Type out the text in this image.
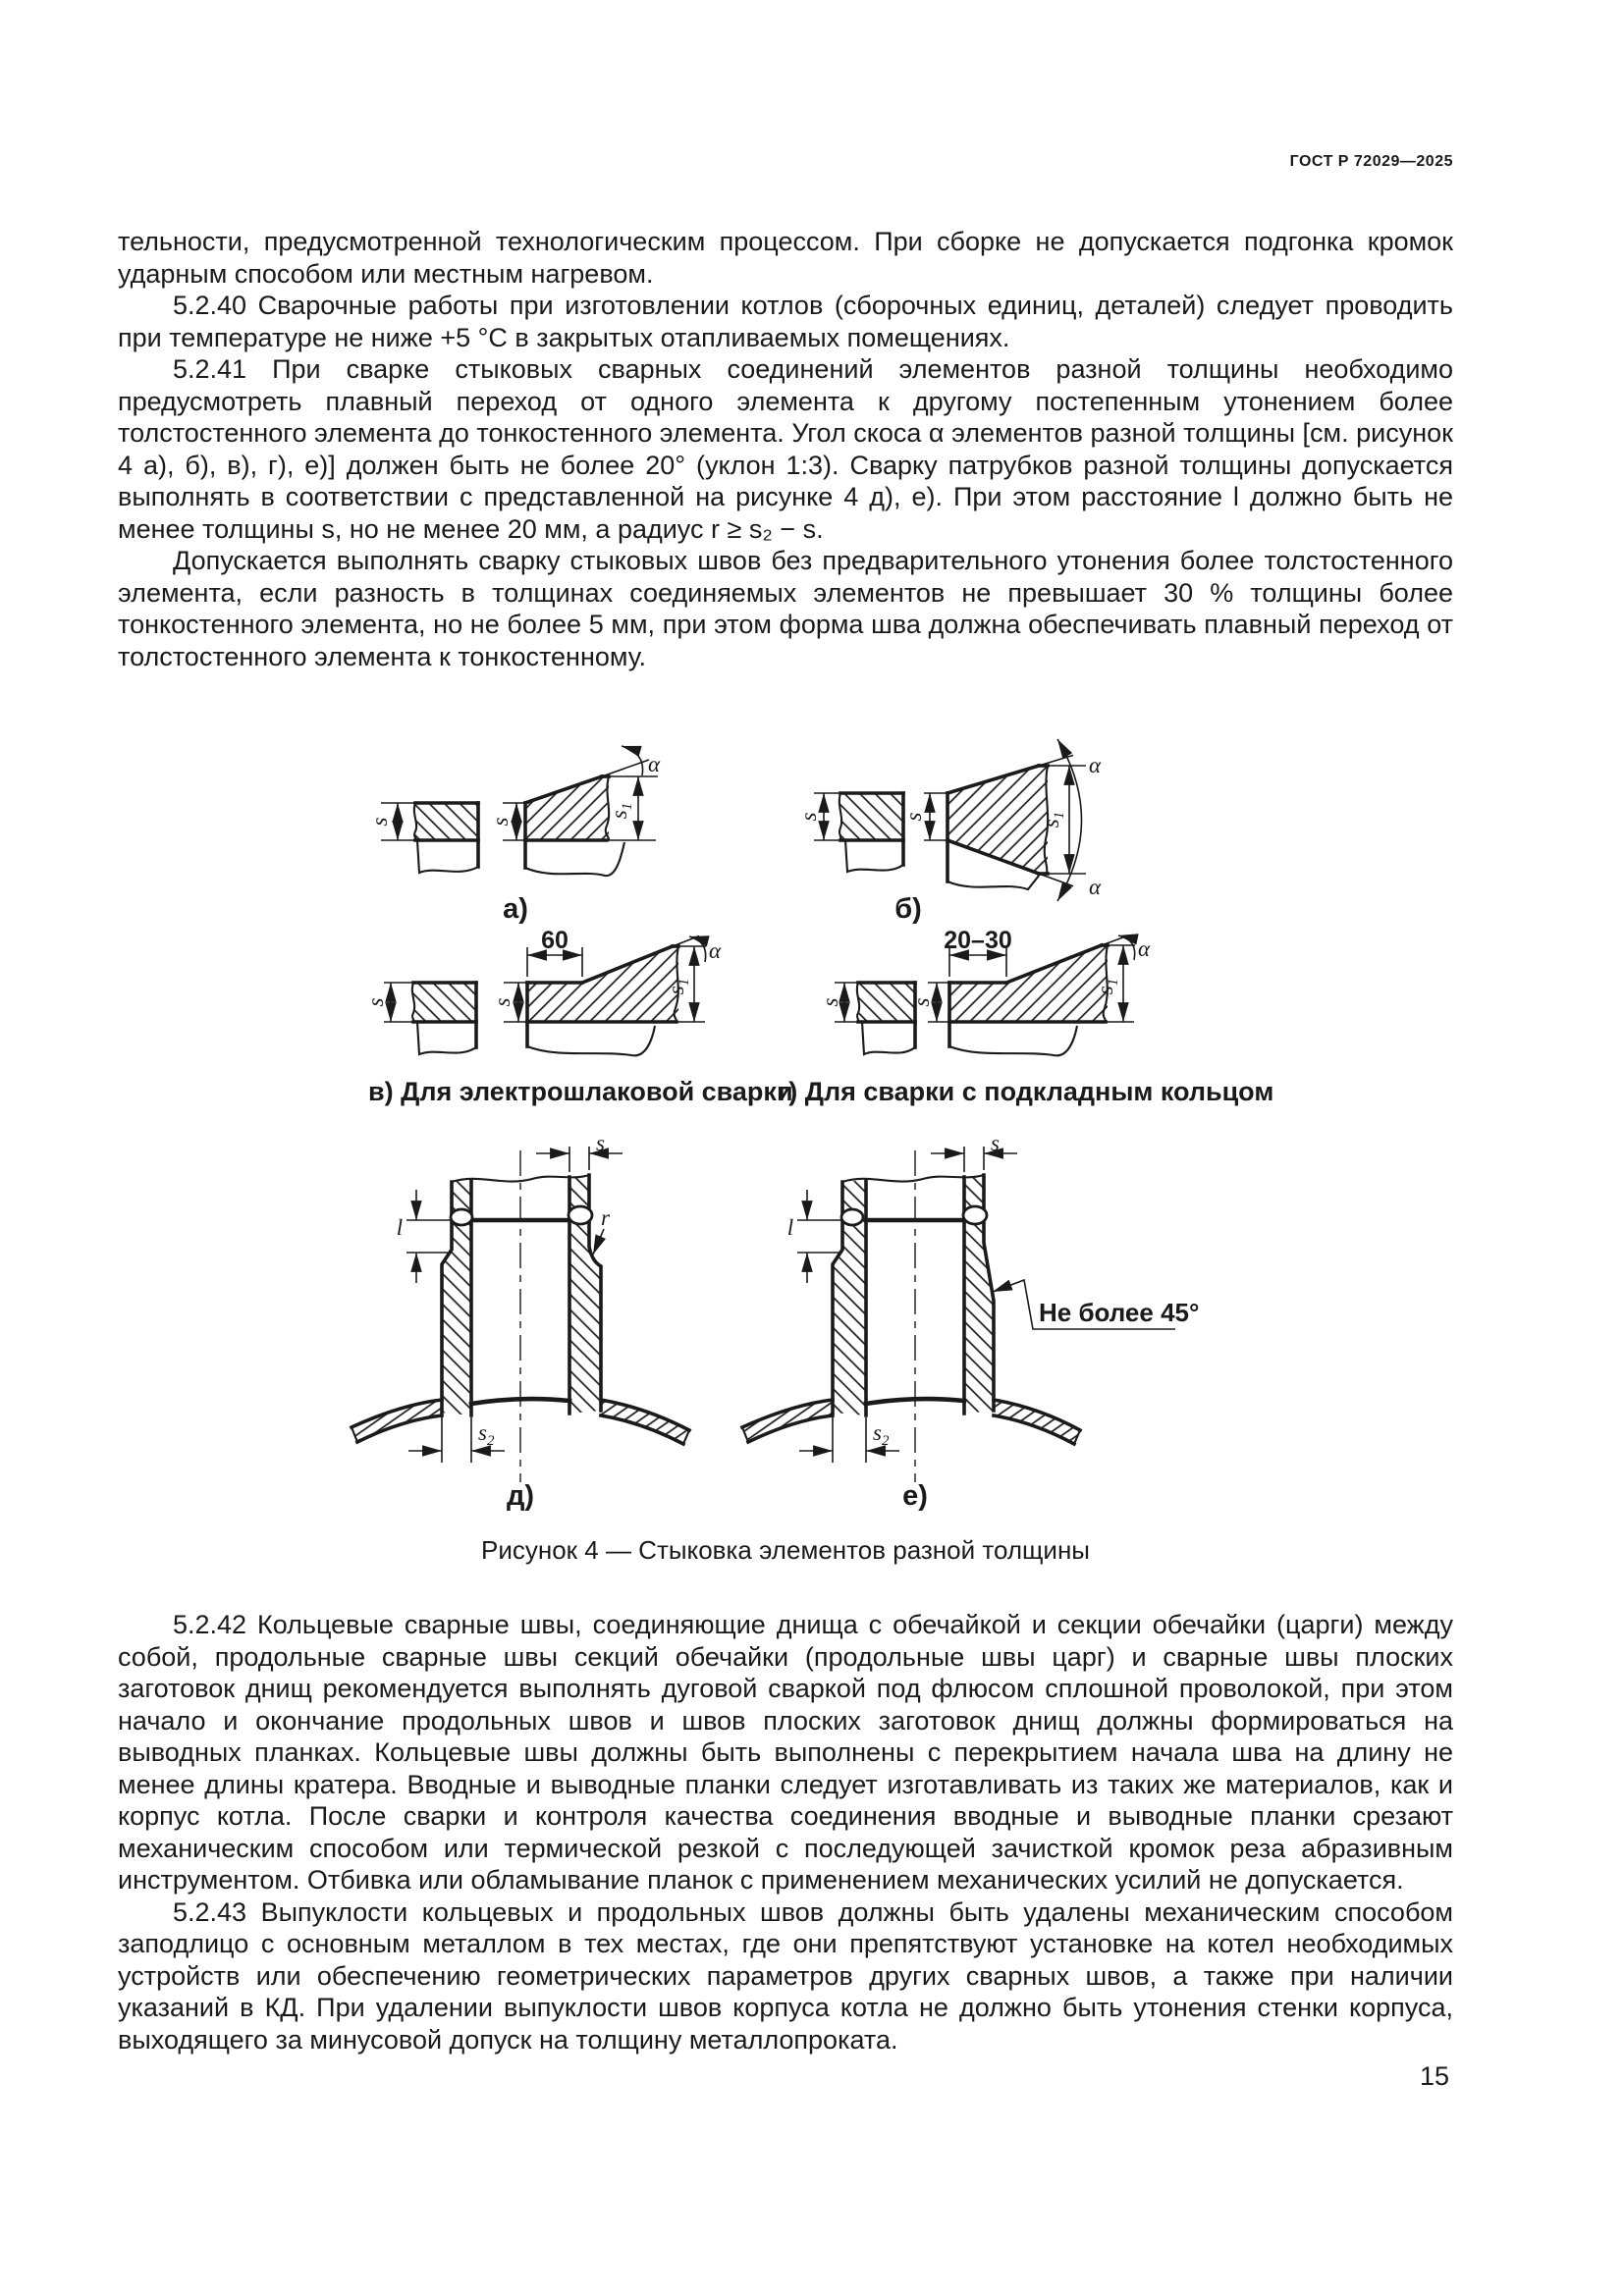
ГОСТ Р 72029—2025

тельности, предусмотренной технологическим процессом. При сборке не допускается подгонка кромок ударным способом или местным нагревом.

5.2.40 Сварочные работы при изготовлении котлов (сборочных единиц, деталей) следует проводить при температуре не ниже +5 °С в закрытых отапливаемых помещениях.

5.2.41 При сварке стыковых сварных соединений элементов разной толщины необходимо предусмотреть плавный переход от одного элемента к другому постепенным утонением более толстостенного элемента до тонкостенного элемента. Угол скоса α элементов разной толщины [см. рисунок 4 а), б), в), г), е)] должен быть не более 20° (уклон 1:3). Сварку патрубков разной толщины допускается выполнять в соответствии с представленной на рисунке 4 д), е). При этом расстояние l должно быть не менее толщины s, но не менее 20 мм, а радиус r ≥ s₂ − s.

Допускается выполнять сварку стыковых швов без предварительного утонения более толстостенного элемента, если разность в толщинах соединяемых элементов не превышает 30 % толщины более тонкостенного элемента, но не более 5 мм, при этом форма шва должна обеспечивать плавный переход от толстостенного элемента к тонкостенному.

s	s
$s_1$
α
s	s
$s_1$
α
α
s	s
60
$s_1$
α
s	s
20–30
$s_1$
α
s
l	r
$s_2$
s
l
Не более 45°
$s_2$
а)	б)
в) Для электрошлаковой сварки
г) Для сварки с подкладным кольцом
д)	е)
Рисунок 4 — Стыковка элементов разной толщины

5.2.42 Кольцевые сварные швы, соединяющие днища с обечайкой и секции обечайки (царги) между собой, продольные сварные швы секций обечайки (продольные швы царг) и сварные швы плоских заготовок днищ рекомендуется выполнять дуговой сваркой под флюсом сплошной проволокой, при этом начало и окончание продольных швов и швов плоских заготовок днищ должны формироваться на выводных планках. Кольцевые швы должны быть выполнены с перекрытием начала шва на длину не менее длины кратера. Вводные и выводные планки следует изготавливать из таких же материалов, как и корпус котла. После сварки и контроля качества соединения вводные и выводные планки срезают механическим способом или термической резкой с последующей зачисткой кромок реза абразивным инструментом. Отбивка или обламывание планок с применением механических усилий не допускается.

5.2.43 Выпуклости кольцевых и продольных швов должны быть удалены механическим способом заподлицо с основным металлом в тех местах, где они препятствуют установке на котел необходимых устройств или обеспечению геометрических параметров других сварных швов, а также при наличии указаний в КД. При удалении выпуклости швов корпуса котла не должно быть утонения стенки корпуса, выходящего за минусовой допуск на толщину металлопроката.

15
